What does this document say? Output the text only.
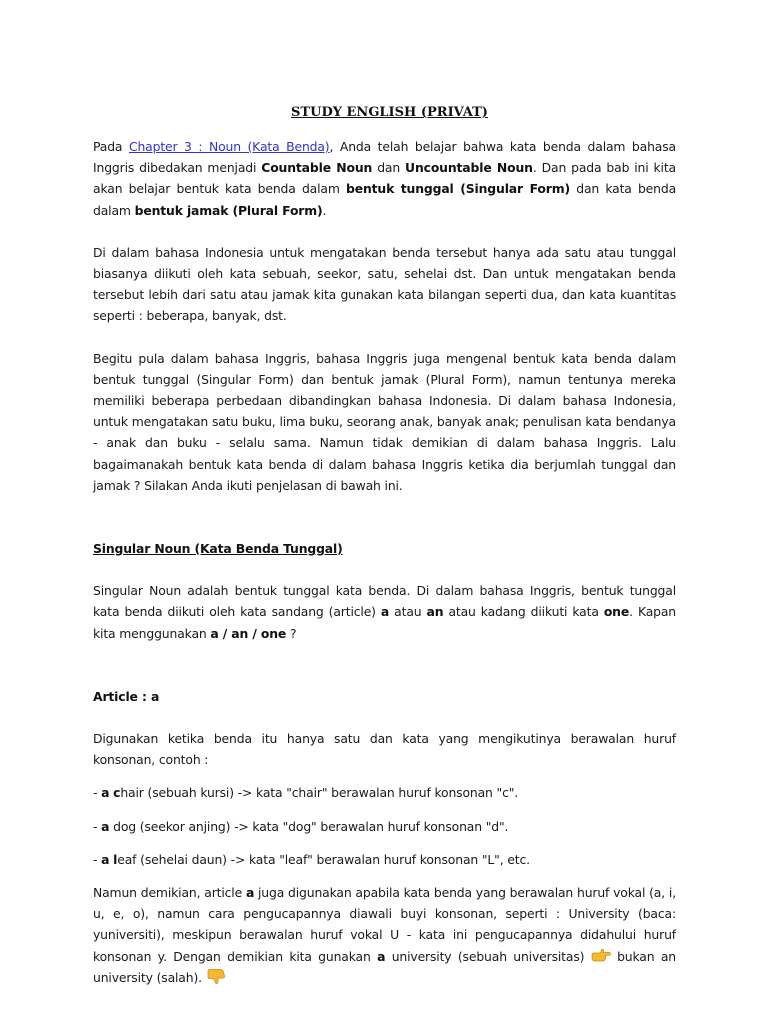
STUDY ENGLISH (PRIVAT)

Pada Chapter 3 : Noun (Kata Benda), Anda telah belajar bahwa kata benda dalam bahasa Inggris dibedakan menjadi Countable Noun dan Uncountable Noun. Dan pada bab ini kita akan belajar bentuk kata benda dalam bentuk tunggal (Singular Form) dan kata benda dalam bentuk jamak (Plural Form).

Di dalam bahasa Indonesia untuk mengatakan benda tersebut hanya ada satu atau tunggal biasanya diikuti oleh kata sebuah, seekor, satu, sehelai dst. Dan untuk mengatakan benda tersebut lebih dari satu atau jamak kita gunakan kata bilangan seperti dua, dan kata kuantitas seperti : beberapa, banyak, dst.

Begitu pula dalam bahasa Inggris, bahasa Inggris juga mengenal bentuk kata benda dalam bentuk tunggal (Singular Form) dan bentuk jamak (Plural Form), namun tentunya mereka memiliki beberapa perbedaan dibandingkan bahasa Indonesia. Di dalam bahasa Indonesia, untuk mengatakan satu buku, lima buku, seorang anak, banyak anak; penulisan kata bendanya - anak dan buku - selalu sama. Namun tidak demikian di dalam bahasa Inggris. Lalu bagaimanakah bentuk kata benda di dalam bahasa Inggris ketika dia berjumlah tunggal dan jamak ? Silakan Anda ikuti penjelasan di bawah ini.

Singular Noun (Kata Benda Tunggal)

Singular Noun adalah bentuk tunggal kata benda. Di dalam bahasa Inggris, bentuk tunggal kata benda diikuti oleh kata sandang (article) a atau an atau kadang diikuti kata one. Kapan kita menggunakan a / an / one ?

Article : a

Digunakan ketika benda itu hanya satu dan kata yang mengikutinya berawalan huruf konsonan, contoh :

- a chair (sebuah kursi) -> kata "chair" berawalan huruf konsonan "c".

- a dog (seekor anjing) -> kata "dog" berawalan huruf konsonan "d".

- a leaf (sehelai daun) -> kata "leaf" berawalan huruf konsonan "L", etc.

Namun demikian, article a juga digunakan apabila kata benda yang berawalan huruf vokal (a, i, u, e, o), namun cara pengucapannya diawali buyi konsonan, seperti : University (baca: yuniversiti), meskipun berawalan huruf vokal U - kata ini pengucapannya didahului huruf konsonan y. Dengan demikian kita gunakan a university (sebuah universitas)
bukan an university (salah).
